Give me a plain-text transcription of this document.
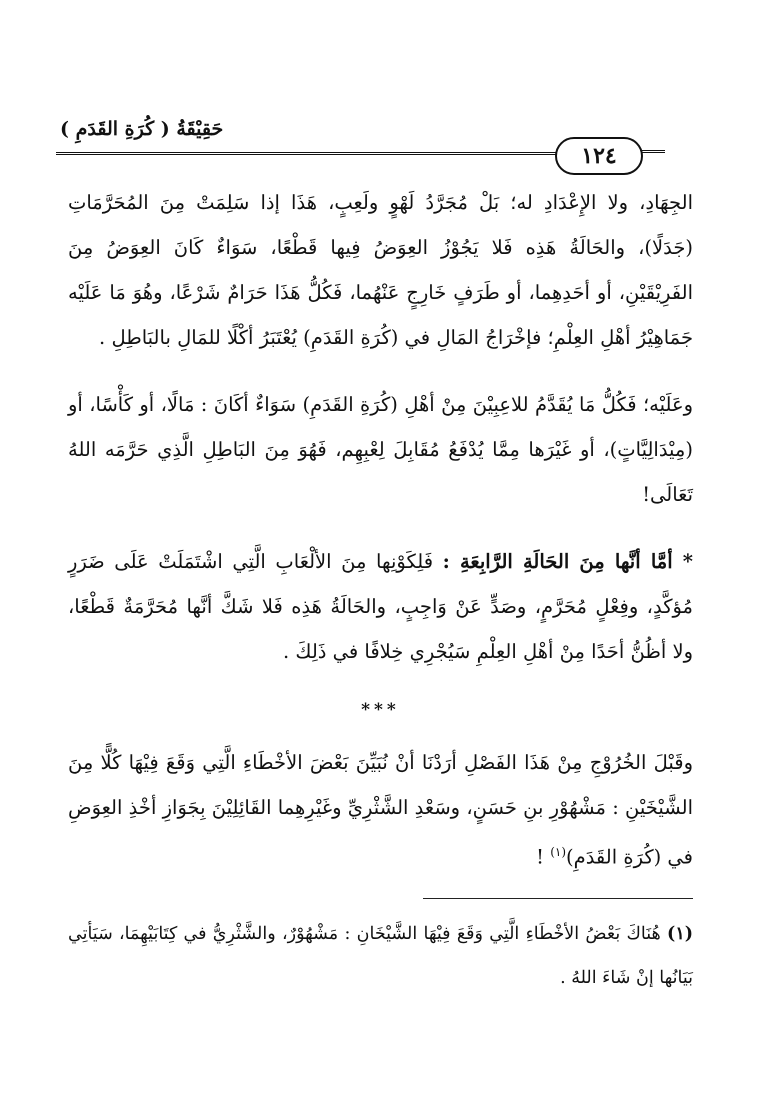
حَقِيْقَةُ ( كُرَةِ القَدَمِ )
١٢٤

الجِهَادِ، ولا الإِعْدَادِ له؛ بَلْ مُجَرَّدُ لَهْوٍ ولَعِبٍ، هَذَا إذا سَلِمَتْ مِنَ المُحَرَّمَاتِ (جَدَلًا)، والحَالَةُ هَذِه فَلا يَجُوْزُ العِوَضُ فِيها قَطْعًا، سَوَاءٌ كَانَ العِوَضُ مِنَ الفَرِيْقَيْنِ، أو أحَدِهِما، أو طَرَفٍ خَارِجٍ عَنْهُما، فَكُلُّ هَذَا حَرَامٌ شَرْعًا، وهُوَ مَا عَلَيْه جَمَاهِيْرُ أهْلِ العِلْمِ؛ فإخْرَاجُ المَالِ في (كُرَةِ القَدَمِ) يُعْتَبَرُ أكْلًا للمَالِ بالبَاطِلِ .

وعَلَيْه؛ فَكُلُّ مَا يُقَدَّمُ للاعِبِيْنَ مِنْ أهْلِ (كُرَةِ القَدَمِ) سَوَاءٌ أكَانَ : مَالًا، أو كَأْسًا، أو (مِيْدَالِيَّاتٍ)، أو غَيْرَها مِمَّا يُدْفَعُ مُقَابِلَ لِعْبِهِم، فَهُوَ مِنَ البَاطِلِ الَّذِي حَرَّمَه اللهُ تَعَالَى!

* أمَّا أنَّها مِنَ الحَالَةِ الرَّابِعَةِ : فَلِكَوْنِها مِنَ الألْعَابِ الَّتِي اشْتَمَلَتْ عَلَى ضَرَرٍ مُؤكَّدٍ، وفِعْلٍ مُحَرَّمٍ، وصَدٍّ عَنْ وَاجِبٍ، والحَالَةُ هَذِه فَلا شَكَّ أنَّها مُحَرَّمَةٌ قَطْعًا، ولا أظُنُّ أحَدًا مِنْ أهْلِ العِلْمِ سَيُجْرِي خِلافًا في ذَلِكَ .

***

وقَبْلَ الخُرُوْجِ مِنْ هَذَا الفَصْلِ أرَدْنَا أنْ نُبَيِّنَ بَعْضَ الأخْطَاءِ الَّتِي وَقَعَ فِيْهَا كُلًّا مِنَ الشَّيْخَيْنِ : مَشْهُوْرِ بنِ حَسَنٍ، وسَعْدِ الشَّثْرِيِّ وغَيْرِهِما القَائِلِيْنَ بِجَوَازِ أخْذِ العِوَضِ في (كُرَةِ القَدَمِ)$^{(١)}$ !

(١) هُنَاكَ بَعْضُ الأخْطَاءِ الَّتِي وَقَعَ فِيْهَا الشَّيْخَانِ : مَشْهُوْرٌ، والشَّثْرِيُّ في كِتَابَيْهِمَا، سَيَأتِي بَيَانُها إنْ شَاءَ اللهُ .
